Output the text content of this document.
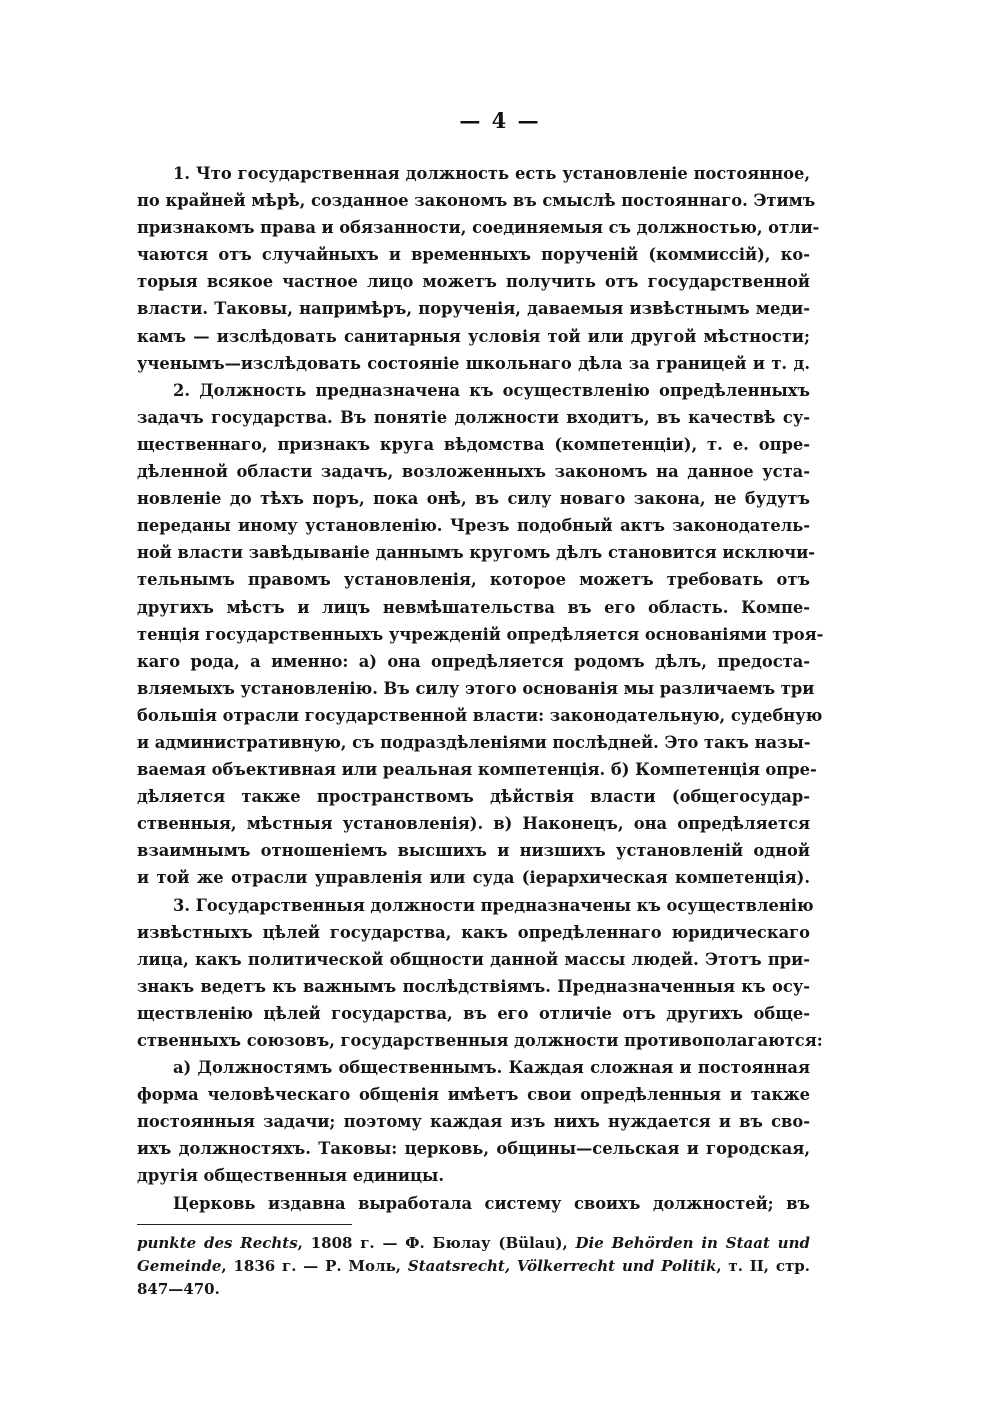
— 4 —
1. Что государственная должность есть установленіе постоянное,
по крайней мѣрѣ, созданное закономъ въ смыслѣ постояннаго. Этимъ
признакомъ права и обязанности, соединяемыя съ должностью, отли-
чаются отъ случайныхъ и временныхъ порученій (коммиссій), ко-
торыя всякое частное лицо можетъ получить отъ государственной
власти. Таковы, напримѣръ, порученія, даваемыя извѣстнымъ меди-
камъ — изслѣдовать санитарныя условія той или другой мѣстности;
ученымъ—изслѣдовать состояніе школьнаго дѣла за границей и т. д.
2. Должность предназначена къ осуществленію опредѣленныхъ
задачъ государства. Въ понятіе должности входитъ, въ качествѣ су-
щественнаго, признакъ круга вѣдомства (компетенціи), т. е. опре-
дѣленной области задачъ, возложенныхъ закономъ на данное уста-
новленіе до тѣхъ поръ, пока онѣ, въ силу новаго закона, не будутъ
переданы иному установленію. Чрезъ подобный актъ законодатель-
ной власти завѣдываніе даннымъ кругомъ дѣлъ становится исключи-
тельнымъ правомъ установленія, которое можетъ требовать отъ
другихъ мѣстъ и лицъ невмѣшательства въ его область. Компе-
тенція государственныхъ учрежденій опредѣляется основаніями троя-
каго рода, а именно: а) она опредѣляется родомъ дѣлъ, предоста-
вляемыхъ установленію. Въ силу этого основанія мы различаемъ три
большія отрасли государственной власти: законодательную, судебную
и административную, съ подраздѣленіями послѣдней. Это такъ назы-
ваемая объективная или реальная компетенція. б) Компетенція опре-
дѣляется также пространствомъ дѣйствія власти (общегосудар-
ственныя, мѣстныя установленія). в) Наконецъ, она опредѣляется
взаимнымъ отношеніемъ высшихъ и низшихъ установленій одной
и той же отрасли управленія или суда (іерархическая компетенція).
3. Государственныя должности предназначены къ осуществленію
извѣстныхъ цѣлей государства, какъ опредѣленнаго юридическаго
лица, какъ политической общности данной массы людей. Этотъ при-
знакъ ведетъ къ важнымъ послѣдствіямъ. Предназначенныя къ осу-
ществленію цѣлей государства, въ его отличіе отъ другихъ обще-
ственныхъ союзовъ, государственныя должности противополагаются:
а) Должностямъ общественнымъ. Каждая сложная и постоянная
форма человѣческаго общенія имѣетъ свои опредѣленныя и также
постоянныя задачи; поэтому каждая изъ нихъ нуждается и въ сво-
ихъ должностяхъ. Таковы: церковь, общины—сельская и городская,
другія общественныя единицы.
Церковь издавна выработала систему своихъ должностей; въ
punkte des Rechts, 1808 г. — Ф. Бюлау (Bülau), Die Behörden in Staat und
Gemeinde, 1836 г. — Р. Моль, Staatsrecht, Völkerrecht und Politik, т. II, стр.
847—470.
